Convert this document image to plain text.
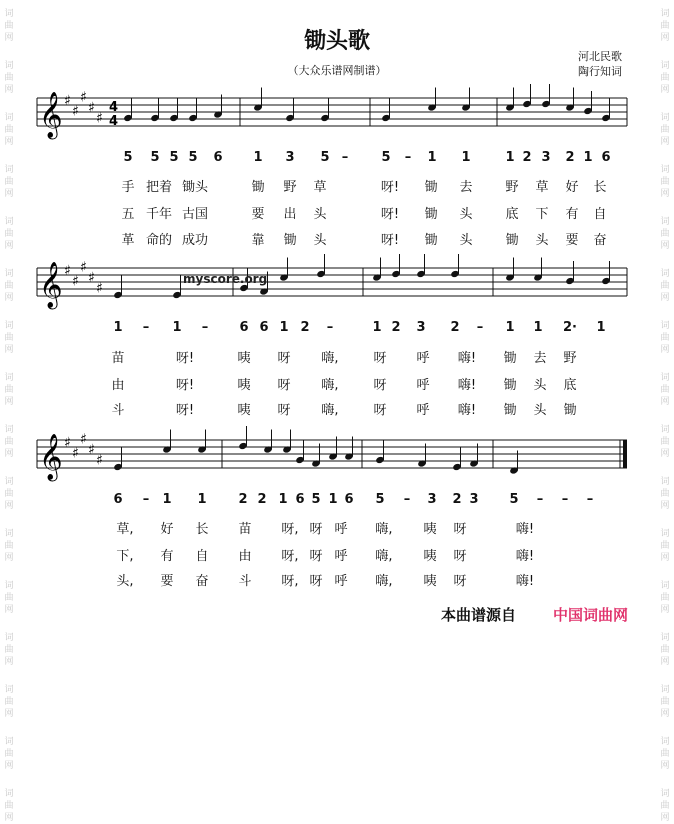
词
曲
网
词
曲
网
词
曲
网
词
曲
网
词
曲
网
词
曲
网
词
曲
网
词
曲
网
词
曲
网
词
曲
网
词
曲
网
词
曲
网
词
曲
网
词
曲
网
词
曲
网
词
曲
网
词
曲
网
词
曲
网
词
曲
网
词
曲
网
词
曲
网
词
曲
网
词
曲
网
词
曲
网
词
曲
网
词
曲
网
词
曲
网
词
曲
网
词
曲
网
词
曲
网
词
曲
网
词
曲
网
锄头歌
（大众乐谱网制谱）
河北民歌
陶行知词
𝄞 ♯
♯
♯
♯
♯
4
4
𝄞 ♯
♯
♯
♯
♯
𝄞 ♯
♯
♯
♯
♯
myscore.org
5 5 5 5 6 1 3 5 –	5 – 1 1	1 2 3 2 1 6
手 把着 锄头	锄 野 草	呀!	锄 去	野 草 好 长
五 千年 古国	要 出 头	呀!	锄 头	底 下 有 自
革 命的 成功	靠 锄 头	呀!	锄 头	锄 头 要 奋
1 – 1 – 6 6 1 2 –	1 2 3 2 – 1 1 2· 1
苗	呀!	咦 呀	嗨,	呀 呼	嗨!	锄 去 野
由	呀!	咦 呀	嗨,	呀 呼	嗨!	锄 头 底
斗	呀!	咦 呀	嗨,	呀 呼	嗨!	锄 头 锄
6 – 1 1 2 2 1 6 5 1 6 5 – 3 2 3 5 – – –
草,	好 长 苗	呀, 呀 呼	嗨,	咦 呀	嗨!
下,	有 自 由	呀, 呀 呼	嗨,	咦 呀	嗨!
头,	要 奋 斗	呀, 呀 呼	嗨,	咦 呀	嗨!
本曲谱源自 中国词曲网
